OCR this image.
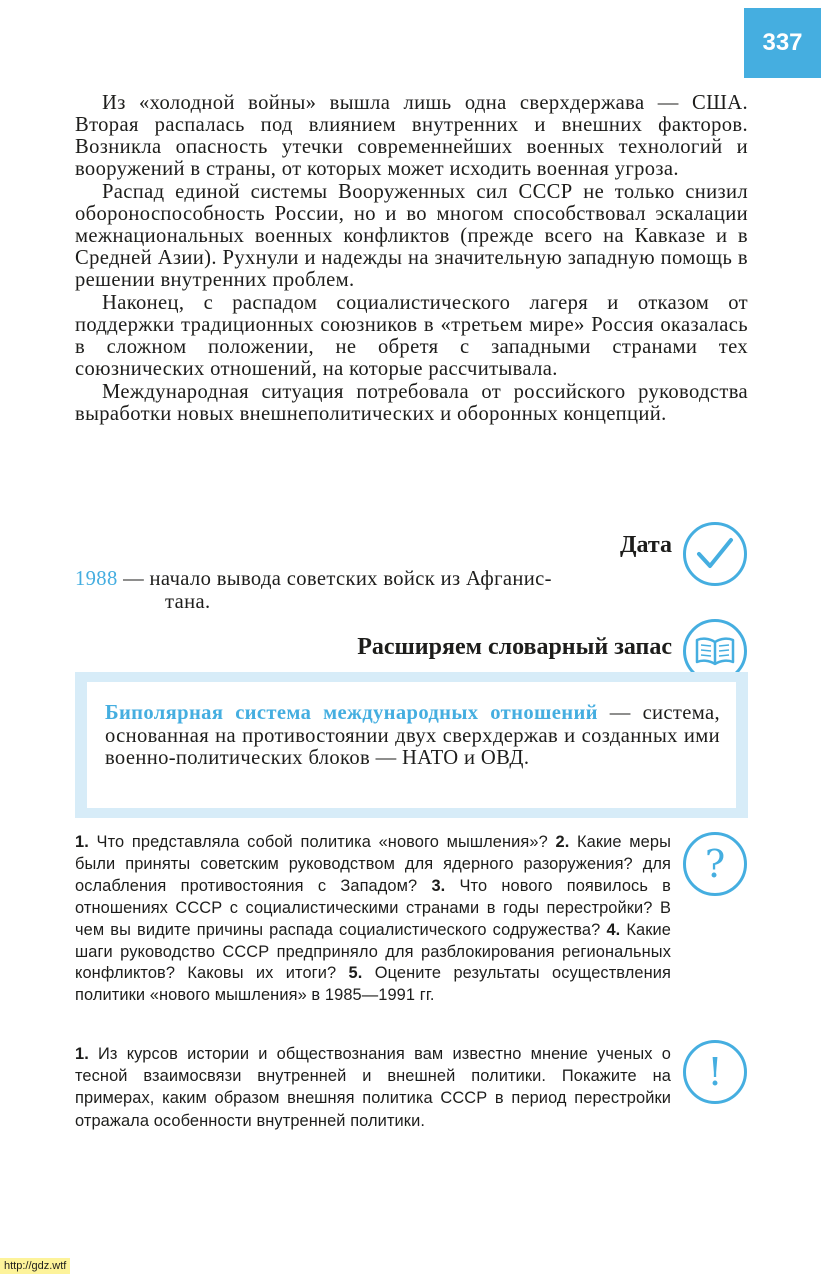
337

Из «холодной войны» вышла лишь одна сверхдержава — США. Вторая распалась под влиянием внутренних и внешних факторов. Возникла опасность утечки современнейших военных технологий и вооружений в страны, от которых может исходить военная угроза.

Распад единой системы Вооруженных сил СССР не только снизил обороноспособность России, но и во многом способствовал эскалации межнациональных военных конфликтов (прежде всего на Кавказе и в Средней Азии). Рухнули и надежды на значительную западную помощь в решении внутренних проблем.

Наконец, с распадом социалистического лагеря и отказом от поддержки традиционных союзников в «третьем мире» Россия оказалась в сложном положении, не обретя с западными странами тех союзнических отношений, на которые рассчитывала.

Международная ситуация потребовала от российского руководства выработки новых внешнеполитических и оборонных концепций.

Дата
1988 — начало вывода советских войск из Афганис-
тана.
Расширяем словарный запас
Биполярная система международных отношений — система, основанная на противостоянии двух сверхдержав и созданных ими военно-политических блоков — НАТО и ОВД.
1. Что представляла собой политика «нового мышления»? 2. Какие меры были приняты советским руководством для ядерного разоружения? для ослабления противостояния с Западом? 3. Что нового появилось в отношениях СССР с социалистическими странами в годы перестройки? В чем вы видите причины распада социалистического содружества? 4. Какие шаги руководство СССР предприняло для разблокирования региональных конфликтов? Каковы их итоги? 5. Оцените результаты осуществления политики «нового мышления» в 1985—1991 гг.
?
1. Из курсов истории и обществознания вам известно мнение ученых о тесной взаимосвязи внутренней и внешней политики. Покажите на примерах, каким образом внешняя политика СССР в период перестройки отражала особенности внутренней политики.
!
http://gdz.wtf
